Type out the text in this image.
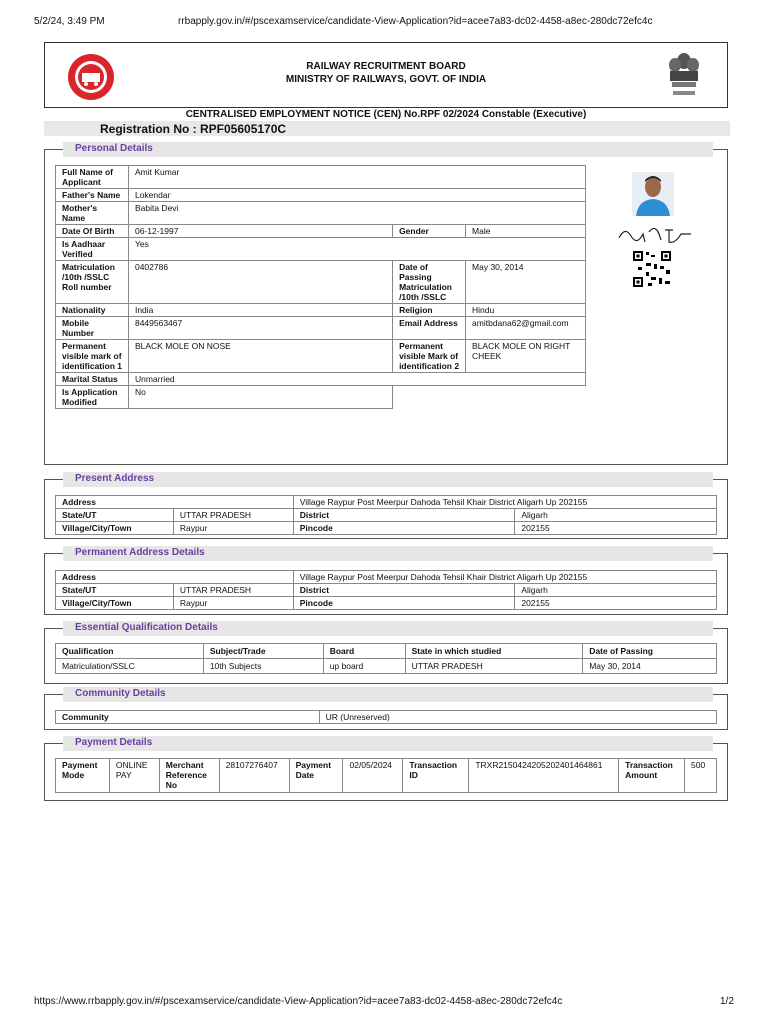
5/2/24, 3:49 PM	rrbapply.gov.in/#/pscexamservice/candidate-View-Application?id=acee7a83-dc02-4458-a8ec-280dc72efc4c
https://www.rrbapply.gov.in/#/pscexamservice/candidate-View-Application?id=acee7a83-dc02-4458-a8ec-280dc72efc4c	1/2
RAILWAY RECRUITMENT BOARD
MINISTRY OF RAILWAYS, GOVT. OF INDIA
CENTRALISED EMPLOYMENT NOTICE (CEN) No.RPF 02/2024 Constable (Executive)
Registration No : RPF05605170C
Personal Details
Full Name of Applicant	Amit Kumar		
Father's Name	Lokendar		
Mother's Name	Babita Devi		
Date Of Birth	06-12-1997	Gender	Male
Is Aadhaar Verified	Yes		
Matriculation /10th /SSLC Roll number	0402786	Date of Passing Matriculation /10th /SSLC	May 30, 2014
Nationality	India	Religion	Hindu
Mobile Number	8449563467	Email Address	amitbdana62@gmail.com
Permanent visible mark of identification 1	BLACK MOLE ON NOSE	Permanent visible Mark of identification 2	BLACK MOLE ON RIGHT CHEEK
Marital Status	Unmarried		
Is Application Modified	No		
Present Address
Address		Village Raypur Post Meerpur Dahoda Tehsil Khair District Aligarh Up 202155	
State/UT	UTTAR PRADESH	District	Aligarh
Village/City/Town	Raypur	Pincode	202155
Permanent Address Details
Address		Village Raypur Post Meerpur Dahoda Tehsil Khair District Aligarh Up 202155	
State/UT	UTTAR PRADESH	District	Aligarh
Village/City/Town	Raypur	Pincode	202155
Essential Qualification Details
Qualification	Subject/Trade	Board	State in which studied	Date of Passing
Matriculation/SSLC	10th Subjects	up board	UTTAR PRADESH	May 30, 2014
Community Details
Community	UR (Unreserved)
Payment Details
Payment Mode	ONLINE PAY	Merchant Reference No	28107276407	Payment Date	02/05/2024	Transaction ID	TRXR2150424205202401464861	Transaction Amount	500
